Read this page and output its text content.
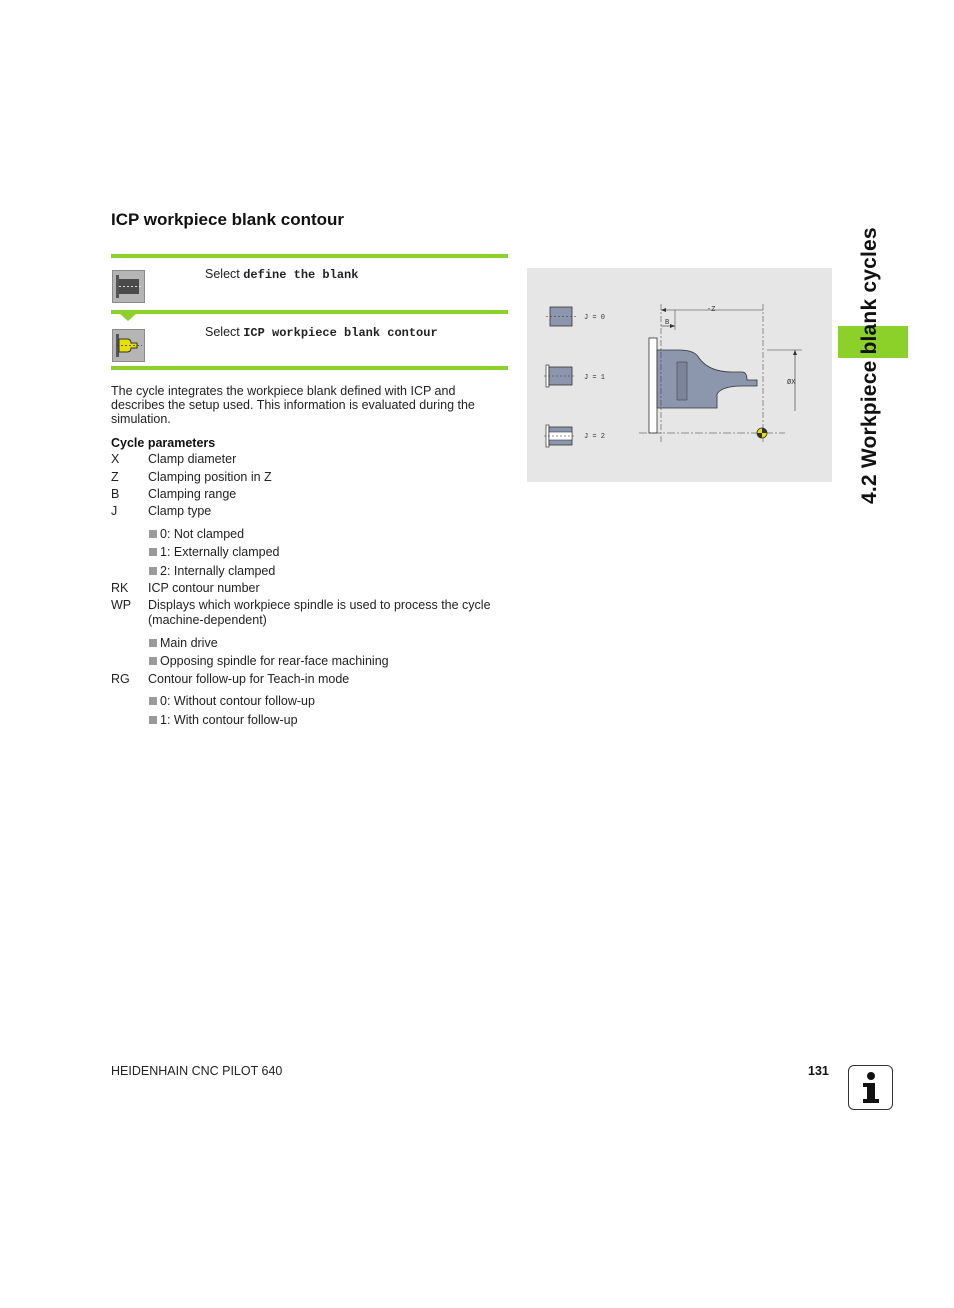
ICP workpiece blank contour
Select define the blank
Select ICP workpiece blank contour
The cycle integrates the workpiece blank defined with ICP and describes the setup used. This information is evaluated during the simulation.
Cycle parameters
X	Clamp diameter
Z	Clamping position in Z
B	Clamping range
J	Clamp type
0: Not clamped
1: Externally clamped
2: Internally clamped
RK	ICP contour number
WP	Displays which workpiece spindle is used to process the cycle (machine-dependent)
Main drive
Opposing spindle for rear-face machining
RG	Contour follow-up for Teach-in mode
0: Without contour follow-up
1: With contour follow-up
J = 0
J = 1
J = 2
-Z
B
ØX	4.2 Workpiece blank cycles
HEIDENHAIN CNC PILOT 640	131
